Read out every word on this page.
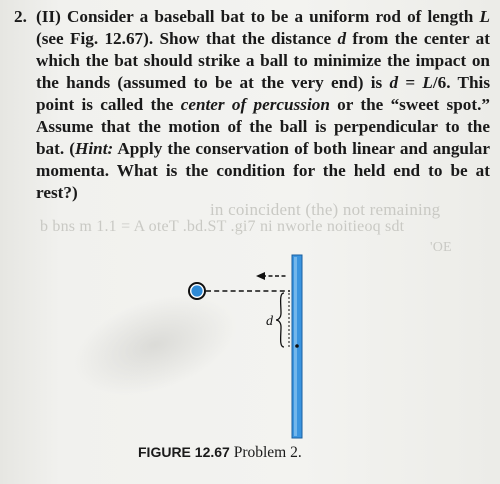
in coincident (the) not remaining
b bns m 1.1 = A oteT .bd.ST .gi7 ni nworle noitieoq sdt
'OE
2. (II) Consider a baseball bat to be a uniform rod of length L (see Fig. 12.67). Show that the distance d from the center at which the bat should strike a ball to minimize the impact on the hands (assumed to be at the very end) is d = L/6. This point is called the center of percussion or the “sweet spot.” Assume that the motion of the ball is perpendicular to the bat. (Hint: Apply the conservation of both linear and angular momenta. What is the condition for the held end to be at rest?)
d
FIGURE 12.67 Problem 2.
